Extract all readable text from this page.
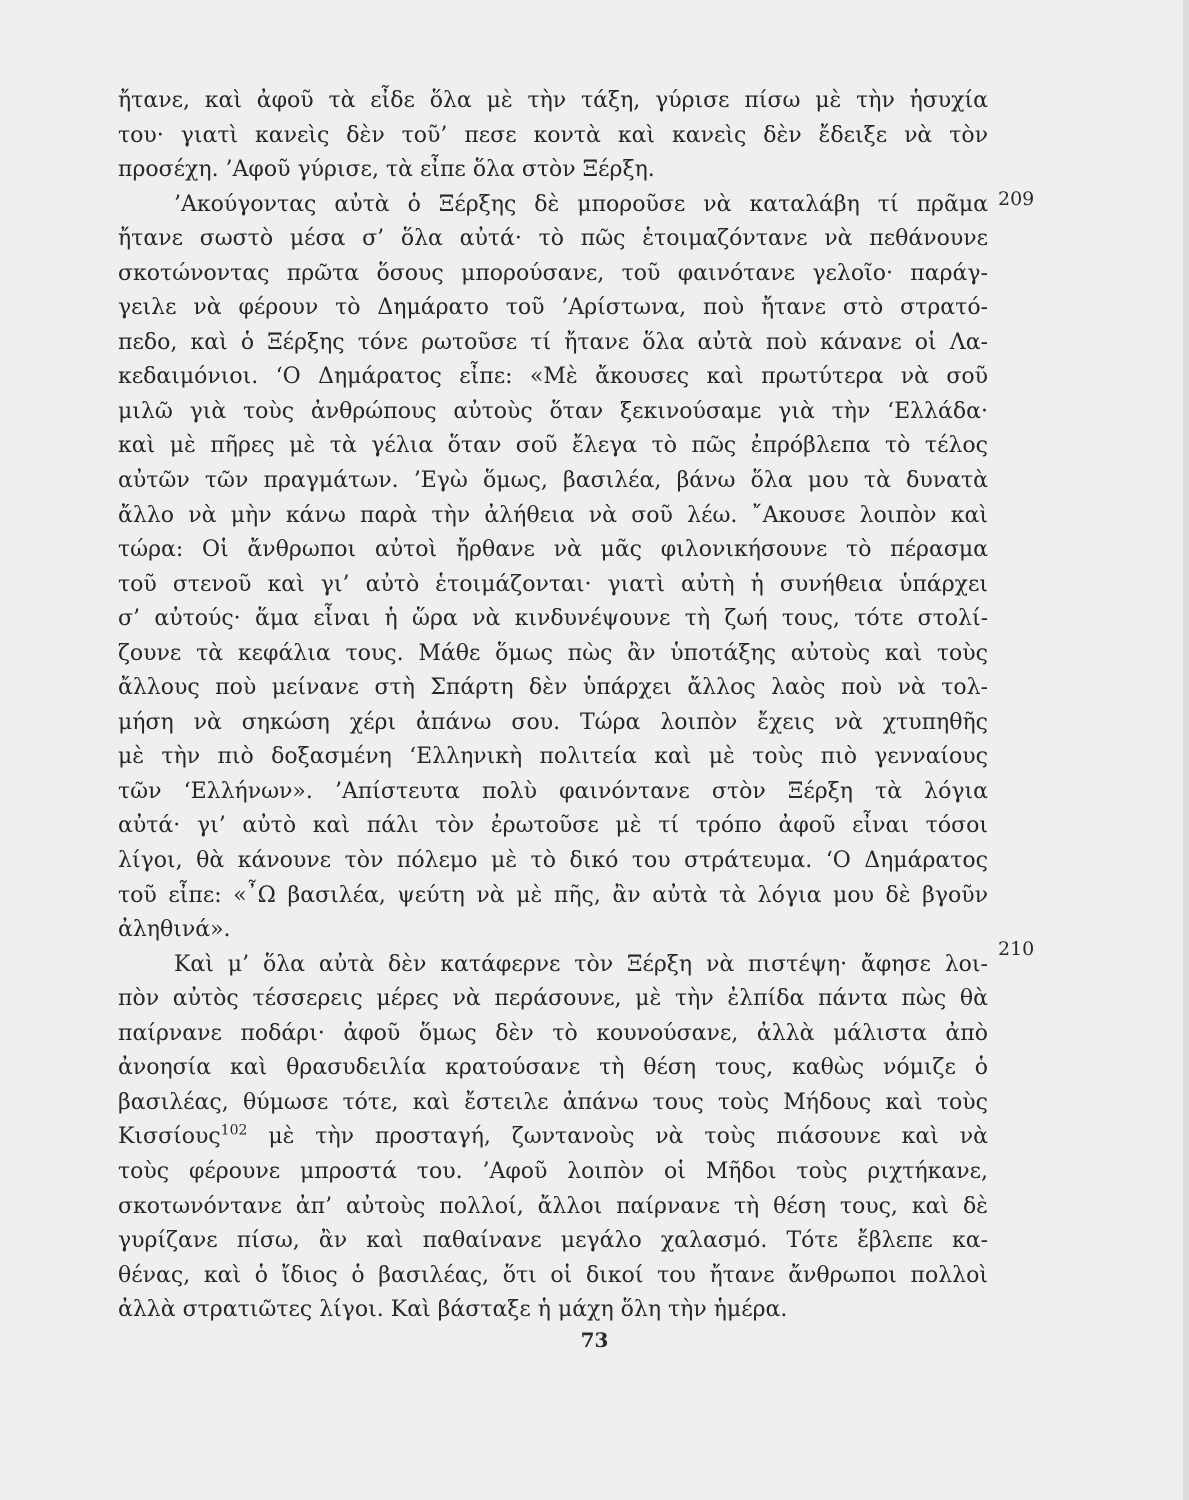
ἤτανε, καὶ ἀφοῦ τὰ εἶδε ὅλα μὲ τὴν τάξη, γύρισε πίσω μὲ τὴν ἡσυχία
του· γιατὶ κανεὶς δὲν τοῦ’ πεσε κοντὰ καὶ κανεὶς δὲν ἔδειξε νὰ τὸν
προσέχη. ’Αφοῦ γύρισε, τὰ εἶπε ὅλα στὸν Ξέρξη.
’Ακούγοντας αὐτὰ ὁ Ξέρξης δὲ μποροῦσε νὰ καταλάβη τί πρᾶμα
ἤτανε σωστὸ μέσα σ’ ὅλα αὐτά· τὸ πῶς ἑτοιμαζόντανε νὰ πεθάνουνε
σκοτώνοντας πρῶτα ὅσους μπορούσανε, τοῦ φαινότανε γελοῖο· παράγ-
γειλε νὰ φέρουν τὸ Δημάρατο τοῦ ’Αρίστωνα, ποὺ ἤτανε στὸ στρατό-
πεδο, καὶ ὁ Ξέρξης τόνε ρωτοῦσε τί ἤτανε ὅλα αὐτὰ ποὺ κάνανε οἱ Λα-
κεδαιμόνιοι. ‘Ο Δημάρατος εἶπε: «Μὲ ἄκουσες καὶ πρωτύτερα νὰ σοῦ
μιλῶ γιὰ τοὺς ἀνθρώπους αὐτοὺς ὅταν ξεκινούσαμε γιὰ τὴν ‘Ελλάδα·
καὶ μὲ πῆρες μὲ τὰ γέλια ὅταν σοῦ ἔλεγα τὸ πῶς ἐπρόβλεπα τὸ τέλος
αὐτῶν τῶν πραγμάτων. ’Εγὼ ὅμως, βασιλέα, βάνω ὅλα μου τὰ δυνατὰ
ἄλλο νὰ μὴν κάνω παρὰ τὴν ἀλήθεια νὰ σοῦ λέω. ῎Ακουσε λοιπὸν καὶ
τώρα: Οἱ ἄνθρωποι αὐτοὶ ἤρθανε νὰ μᾶς φιλονικήσουνε τὸ πέρασμα
τοῦ στενοῦ καὶ γι’ αὐτὸ ἑτοιμάζονται· γιατὶ αὐτὴ ἡ συνήθεια ὑπάρχει
σ’ αὐτούς· ἅμα εἶναι ἡ ὥρα νὰ κινδυνέψουνε τὴ ζωή τους, τότε στολί-
ζουνε τὰ κεφάλια τους. Μάθε ὅμως πὼς ἂν ὑποτάξης αὐτοὺς καὶ τοὺς
ἄλλους ποὺ μείνανε στὴ Σπάρτη δὲν ὑπάρχει ἄλλος λαὸς ποὺ νὰ τολ-
μήση νὰ σηκώση χέρι ἀπάνω σου. Τώρα λοιπὸν ἔχεις νὰ χτυπηθῆς
μὲ τὴν πιὸ δοξασμένη ‘Ελληνικὴ πολιτεία καὶ μὲ τοὺς πιὸ γενναίους
τῶν ‘Ελλήνων». ’Απίστευτα πολὺ φαινόντανε στὸν Ξέρξη τὰ λόγια
αὐτά· γι’ αὐτὸ καὶ πάλι τὸν ἐρωτοῦσε μὲ τί τρόπο ἀφοῦ εἶναι τόσοι
λίγοι, θὰ κάνουνε τὸν πόλεμο μὲ τὸ δικό του στράτευμα. ‘Ο Δημάρατος
τοῦ εἶπε: «῏Ω βασιλέα, ψεύτη νὰ μὲ πῆς, ἂν αὐτὰ τὰ λόγια μου δὲ βγοῦν
ἀληθινά».
Καὶ μ’ ὅλα αὐτὰ δὲν κατάφερνε τὸν Ξέρξη νὰ πιστέψη· ἄφησε λοι-
πὸν αὐτὸς τέσσερεις μέρες νὰ περάσουνε, μὲ τὴν ἐλπίδα πάντα πὼς θὰ
παίρνανε ποδάρι· ἀφοῦ ὅμως δὲν τὸ κουνούσανε, ἀλλὰ μάλιστα ἀπὸ
ἀνοησία καὶ θρασυδειλία κρατούσανε τὴ θέση τους, καθὼς νόμιζε ὁ
βασιλέας, θύμωσε τότε, καὶ ἔστειλε ἀπάνω τους τοὺς Μήδους καὶ τοὺς
Κισσίους$^{102}$ μὲ τὴν προσταγή, ζωντανοὺς νὰ τοὺς πιάσουνε καὶ νὰ
τοὺς φέρουνε μπροστά του. ’Αφοῦ λοιπὸν οἱ Μῆδοι τοὺς ριχτήκανε,
σκοτωνόντανε ἀπ’ αὐτοὺς πολλοί, ἄλλοι παίρνανε τὴ θέση τους, καὶ δὲ
γυρίζανε πίσω, ἂν καὶ παθαίνανε μεγάλο χαλασμό. Τότε ἔβλεπε κα-
θένας, καὶ ὁ ἴδιος ὁ βασιλέας, ὅτι οἱ δικοί του ἤτανε ἄνθρωποι πολλοὶ
ἀλλὰ στρατιῶτες λίγοι. Καὶ βάσταξε ἡ μάχη ὅλη τὴν ἡμέρα.
209
210
73
